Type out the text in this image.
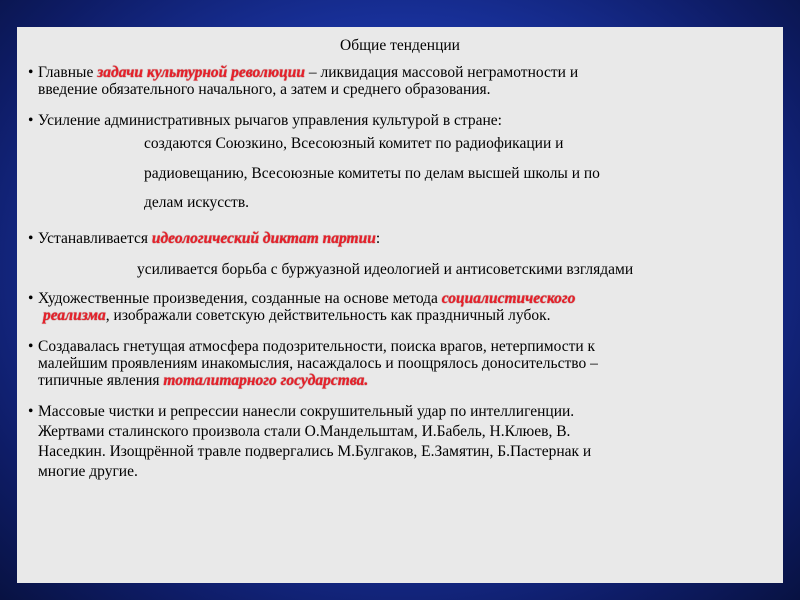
Общие тенденции
• Главные задачи культурной революции – ликвидация массовой неграмотности и
введение обязательного начального, а затем и среднего образования.
• Усиление административных рычагов управления культурой в стране:
создаются Союзкино, Всесоюзный комитет по радиофикации и
радиовещанию, Всесоюзные комитеты по делам высшей школы и по
делам искусств.
• Устанавливается идеологический диктат партии:
усиливается борьба с буржуазной идеологией и антисоветскими взглядами
• Художественные произведения, созданные на основе метода социалистического
реализма, изображали советскую действительность как праздничный лубок.
• Создавалась гнетущая атмосфера подозрительности, поиска врагов, нетерпимости к
малейшим проявлениям инакомыслия, насаждалось и поощрялось доносительство –
типичные явления тоталитарного государства.
• Массовые чистки и репрессии нанесли сокрушительный удар по интеллигенции.
Жертвами сталинского произвола стали О.Мандельштам, И.Бабель, Н.Клюев, В.
Наседкин. Изощрённой травле подвергались М.Булгаков, Е.Замятин, Б.Пастернак и
многие другие.
